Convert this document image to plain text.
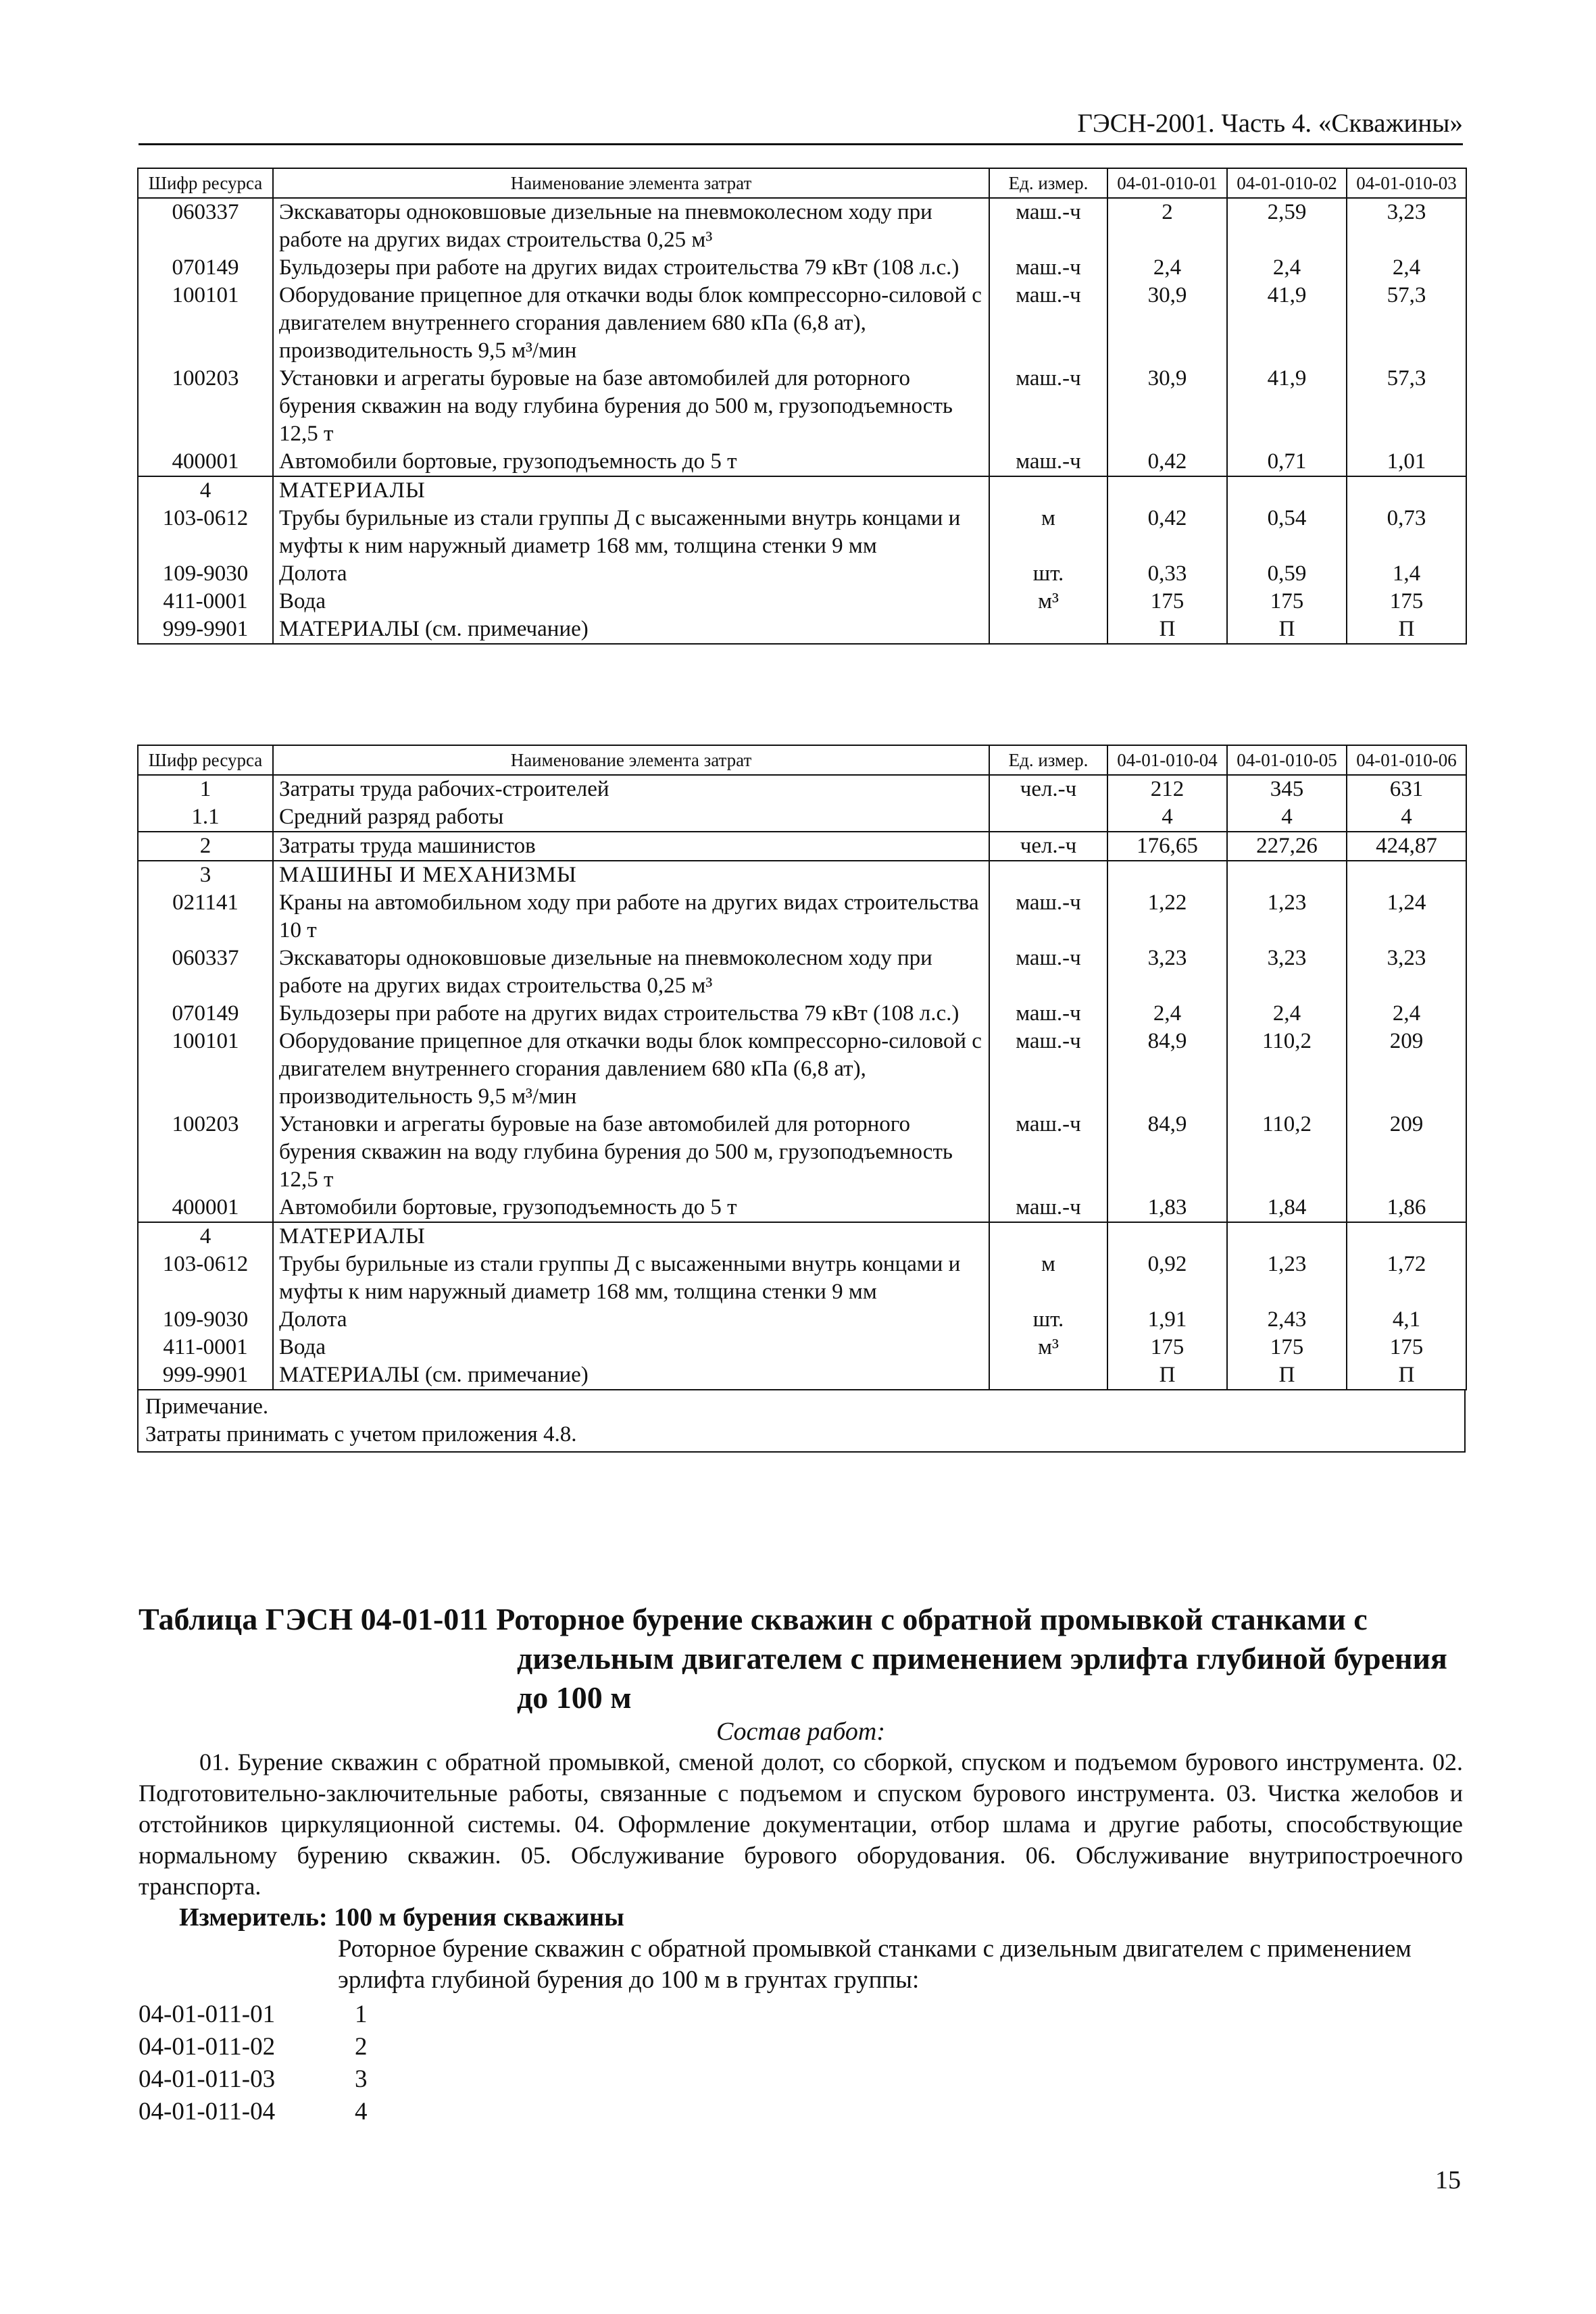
ГЭСН-2001. Часть 4. «Скважины»
Шифр ресурса	Наименование элемента затрат	Ед. измер.	04-01-010-01	04-01-010-02	04-01-010-03
060337	Экскаваторы одноковшовые дизельные на пневмоколесном ходу при работе на других видах строительства 0,25 м³	маш.-ч	2	2,59	3,23
070149	Бульдозеры при работе на других видах строительства 79 кВт (108 л.с.)	маш.-ч	2,4	2,4	2,4
100101	Оборудование прицепное для откачки воды блок компрессорно-силовой с двигателем внутреннего сгорания давлением 680 кПа (6,8 ат), производительность 9,5 м³/мин	маш.-ч	30,9	41,9	57,3
100203	Установки и агрегаты буровые на базе автомобилей для роторного бурения скважин на воду глубина бурения до 500 м, грузоподъемность 12,5 т	маш.-ч	30,9	41,9	57,3
400001	Автомобили бортовые, грузоподъемность до 5 т	маш.-ч	0,42	0,71	1,01
4	МАТЕРИАЛЫ				
103-0612	Трубы бурильные из стали группы Д с высаженными внутрь концами и муфты к ним наружный диаметр 168 мм, толщина стенки 9 мм	м	0,42	0,54	0,73
109-9030	Долота	шт.	0,33	0,59	1,4
411-0001	Вода	м³	175	175	175
999-9901	МАТЕРИАЛЫ (см. примечание)		П	П	П
Шифр ресурса	Наименование элемента затрат	Ед. измер.	04-01-010-04	04-01-010-05	04-01-010-06
1	Затраты труда рабочих-строителей	чел.-ч	212	345	631
1.1	Средний разряд работы		4	4	4
2	Затраты труда машинистов	чел.-ч	176,65	227,26	424,87
3	МАШИНЫ И МЕХАНИЗМЫ				
021141	Краны на автомобильном ходу при работе на других видах строительства 10 т	маш.-ч	1,22	1,23	1,24
060337	Экскаваторы одноковшовые дизельные на пневмоколесном ходу при работе на других видах строительства 0,25 м³	маш.-ч	3,23	3,23	3,23
070149	Бульдозеры при работе на других видах строительства 79 кВт (108 л.с.)	маш.-ч	2,4	2,4	2,4
100101	Оборудование прицепное для откачки воды блок компрессорно-силовой с двигателем внутреннего сгорания давлением 680 кПа (6,8 ат), производительность 9,5 м³/мин	маш.-ч	84,9	110,2	209
100203	Установки и агрегаты буровые на базе автомобилей для роторного бурения скважин на воду глубина бурения до 500 м, грузоподъемность 12,5 т	маш.-ч	84,9	110,2	209
400001	Автомобили бортовые, грузоподъемность до 5 т	маш.-ч	1,83	1,84	1,86
4	МАТЕРИАЛЫ				
103-0612	Трубы бурильные из стали группы Д с высаженными внутрь концами и муфты к ним наружный диаметр 168 мм, толщина стенки 9 мм	м	0,92	1,23	1,72
109-9030	Долота	шт.	1,91	2,43	4,1
411-0001	Вода	м³	175	175	175
999-9901	МАТЕРИАЛЫ (см. примечание)		П	П	П
Примечание.
Затраты принимать с учетом приложения 4.8.
Таблица ГЭСН 04-01-011 Роторное бурение скважин с обратной промывкой станками с
дизельным двигателем с применением эрлифта глубиной бурения до 100 м
Состав работ:

01. Бурение скважин с обратной промывкой, сменой долот, со сборкой, спуском и подъемом бурового инструмента. 02. Подготовительно-заключительные работы, связанные с подъемом и спуском бурового инструмента. 03. Чистка желобов и отстойников циркуляционной системы. 04. Оформление документации, отбор шлама и другие работы, способствующие нормальному бурению скважин. 05. Обслуживание бурового оборудования. 06. Обслуживание внутрипостроечного транспорта.

Измеритель: 100 м бурения скважины
Роторное бурение скважин с обратной промывкой станками с дизельным двигателем с применением эрлифта глубиной бурения до 100 м в грунтах группы:
04-01-011-01	1
04-01-011-02	2
04-01-011-03	3
04-01-011-04	4
15
